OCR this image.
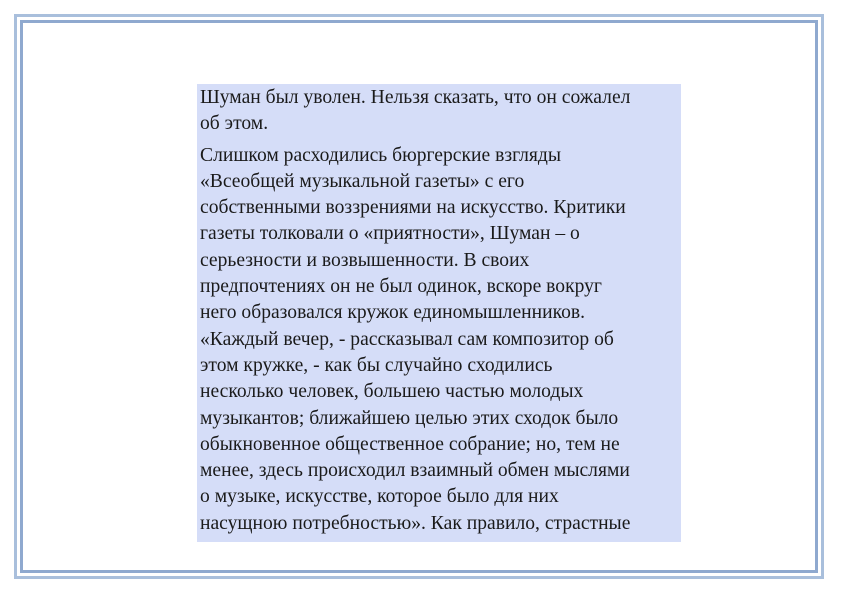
Шуман был уволен. Нельзя сказать, что он сожалел
об этом.

Слишком расходились бюргерские взгляды
«Всеобщей музыкальной газеты» с его
собственными воззрениями на искусство. Критики
газеты толковали о «приятности», Шуман – о
серьезности и возвышенности. В своих
предпочтениях он не был одинок, вскоре вокруг
него образовался кружок единомышленников.
«Каждый вечер, - рассказывал сам композитор об
этом кружке, - как бы случайно сходились
несколько человек, большею частью молодых
музыкантов; ближайшею целью этих сходок было
обыкновенное общественное собрание; но, тем не
менее, здесь происходил взаимный обмен мыслями
о музыке, искусстве, которое было для них
насущною потребностью». Как правило, страстные
